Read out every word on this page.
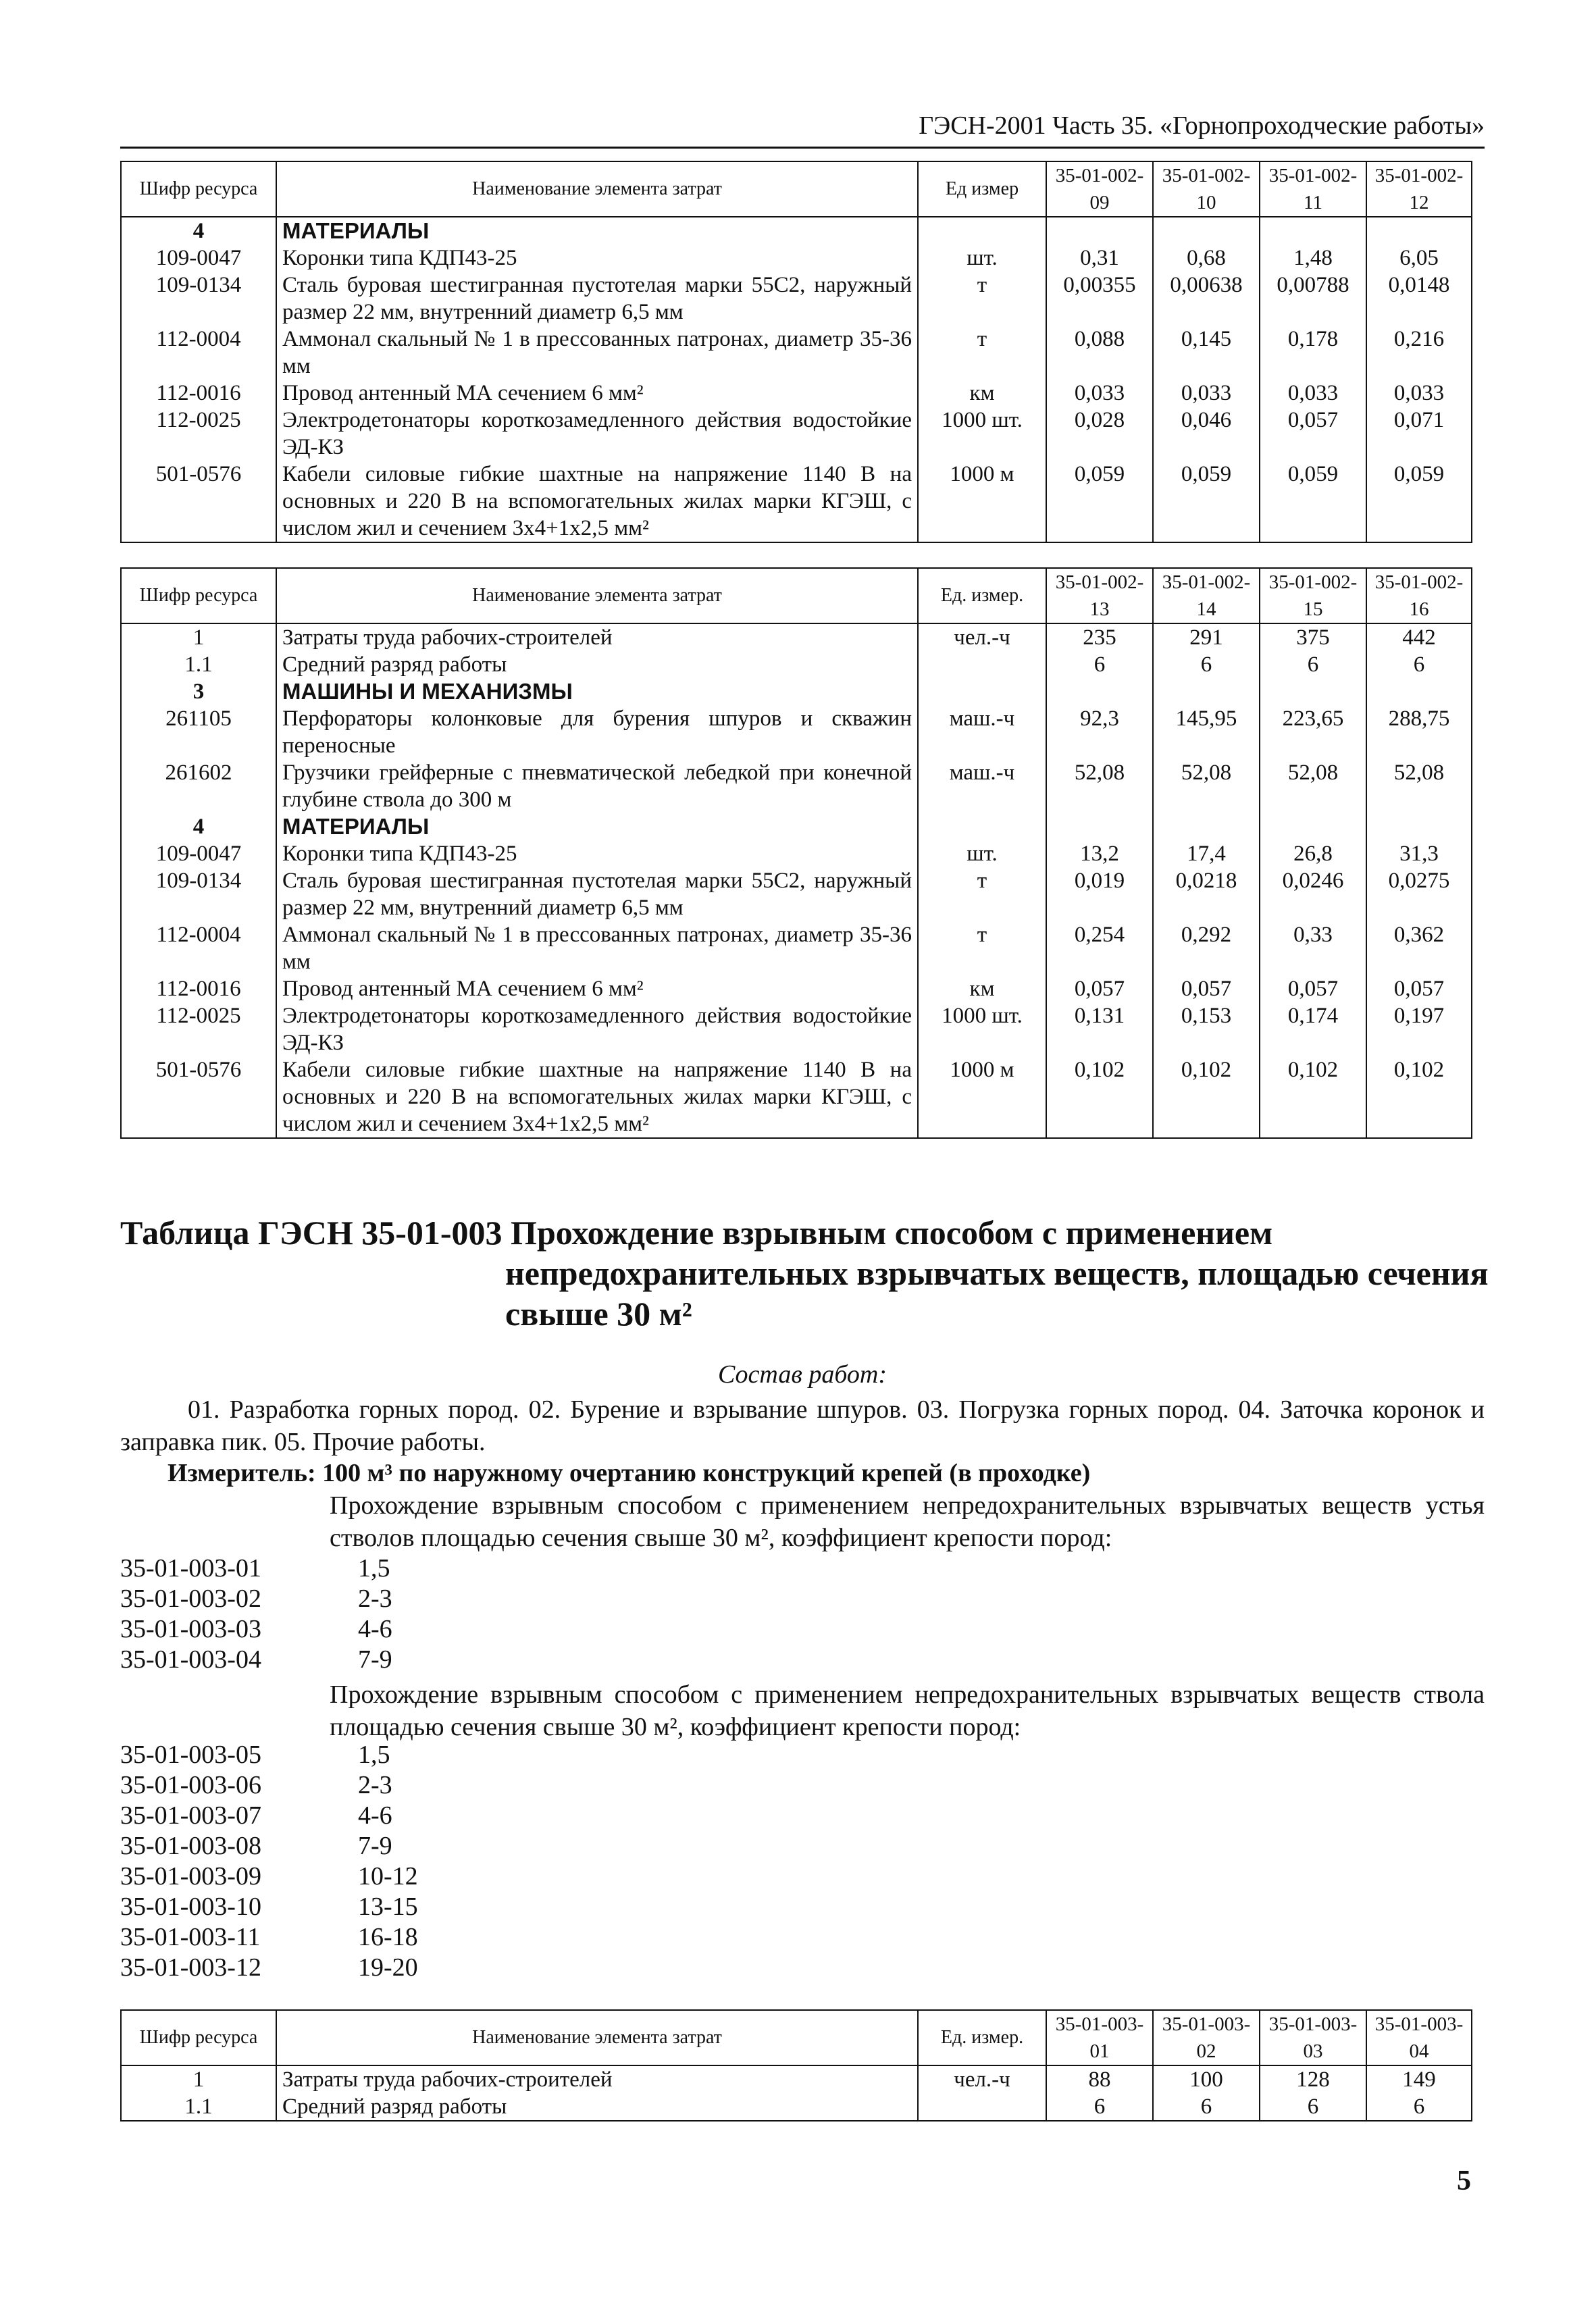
ГЭСН-2001 Часть 35. «Горнопроходческие работы»
Шифр ресурса	Наименование элемента затрат	Ед измер	35-01-002-09	35-01-002-10	35-01-002-11	35-01-002-12
4	МАТЕРИАЛЫ					
109-0047	Коронки типа КДП43-25	шт.	0,31	0,68	1,48	6,05
109-0134	Сталь буровая шестигранная пустотелая марки 55С2, наружный размер 22 мм, внутренний диаметр 6,5 мм	т	0,00355	0,00638	0,00788	0,0148
112-0004	Аммонал скальный № 1 в прессованных патронах, диаметр 35-36 мм	т	0,088	0,145	0,178	0,216
112-0016	Провод антенный МА сечением 6 мм²	км	0,033	0,033	0,033	0,033
112-0025	Электродетонаторы короткозамедленного действия водостойкие ЭД-КЗ	1000 шт.	0,028	0,046	0,057	0,071
501-0576	Кабели силовые гибкие шахтные на напряжение 1140 В на основных и 220 В на вспомогательных жилах марки КГЭШ, с числом жил и сечением 3х4+1х2,5 мм²	1000 м	0,059	0,059	0,059	0,059
Шифр ресурса	Наименование элемента затрат	Ед. измер.	35-01-002-13	35-01-002-14	35-01-002-15	35-01-002-16
1	Затраты труда рабочих-строителей	чел.-ч	235	291	375	442
1.1	Средний разряд работы		6	6	6	6
3	МАШИНЫ И МЕХАНИЗМЫ					
261105	Перфораторы колонковые для бурения шпуров и скважин переносные	маш.-ч	92,3	145,95	223,65	288,75
261602	Грузчики грейферные с пневматической лебедкой при конечной глубине ствола до 300 м	маш.-ч	52,08	52,08	52,08	52,08
4	МАТЕРИАЛЫ					
109-0047	Коронки типа КДП43-25	шт.	13,2	17,4	26,8	31,3
109-0134	Сталь буровая шестигранная пустотелая марки 55С2, наружный размер 22 мм, внутренний диаметр 6,5 мм	т	0,019	0,0218	0,0246	0,0275
112-0004	Аммонал скальный № 1 в прессованных патронах, диаметр 35-36 мм	т	0,254	0,292	0,33	0,362
112-0016	Провод антенный МА сечением 6 мм²	км	0,057	0,057	0,057	0,057
112-0025	Электродетонаторы короткозамедленного действия водостойкие ЭД-КЗ	1000 шт.	0,131	0,153	0,174	0,197
501-0576	Кабели силовые гибкие шахтные на напряжение 1140 В на основных и 220 В на вспомогательных жилах марки КГЭШ, с числом жил и сечением 3х4+1х2,5 мм²	1000 м	0,102	0,102	0,102	0,102
Таблица ГЭСН 35-01-003 Прохождение взрывным способом с применением
непредохранительных взрывчатых веществ, площадью сечения
свыше 30 м²
Состав работ:
01. Разработка горных пород. 02. Бурение и взрывание шпуров. 03. Погрузка горных пород. 04. Заточка коронок и заправка пик. 05. Прочие работы.
Измеритель: 100 м³ по наружному очертанию конструкций крепей (в проходке)
Прохождение взрывным способом с применением непредохранительных взрывчатых веществ устья стволов площадью сечения свыше 30 м², коэффициент крепости пород:
35-01-003-01	1,5
35-01-003-02	2-3
35-01-003-03	4-6
35-01-003-04	7-9
Прохождение взрывным способом с применением непредохранительных взрывчатых веществ ствола площадью сечения свыше 30 м², коэффициент крепости пород:
35-01-003-05	1,5
35-01-003-06	2-3
35-01-003-07	4-6
35-01-003-08	7-9
35-01-003-09	10-12
35-01-003-10	13-15
35-01-003-11	16-18
35-01-003-12	19-20
Шифр ресурса	Наименование элемента затрат	Ед. измер.	35-01-003-01	35-01-003-02	35-01-003-03	35-01-003-04
1	Затраты труда рабочих-строителей	чел.-ч	88	100	128	149
1.1	Средний разряд работы		6	6	6	6
5
